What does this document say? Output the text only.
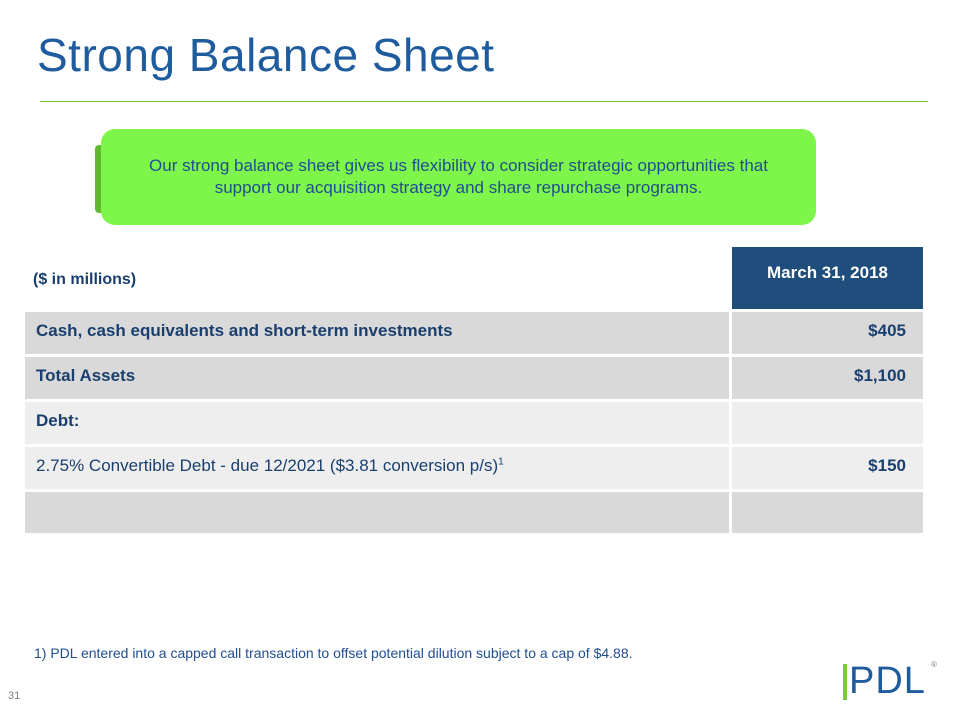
Strong Balance Sheet
Our strong balance sheet gives us flexibility to consider strategic opportunities that support our acquisition strategy and share repurchase programs.
($ in millions)	March 31, 2018
Cash, cash equivalents and short-term investments	$405
Total Assets	$1,100
Debt:
2.75% Convertible Debt - due 12/2021 ($3.81 conversion p/s)$^1$	$150
1) PDL entered into a capped call transaction to offset potential dilution subject to a cap of $4.88.
31	PDL ®
